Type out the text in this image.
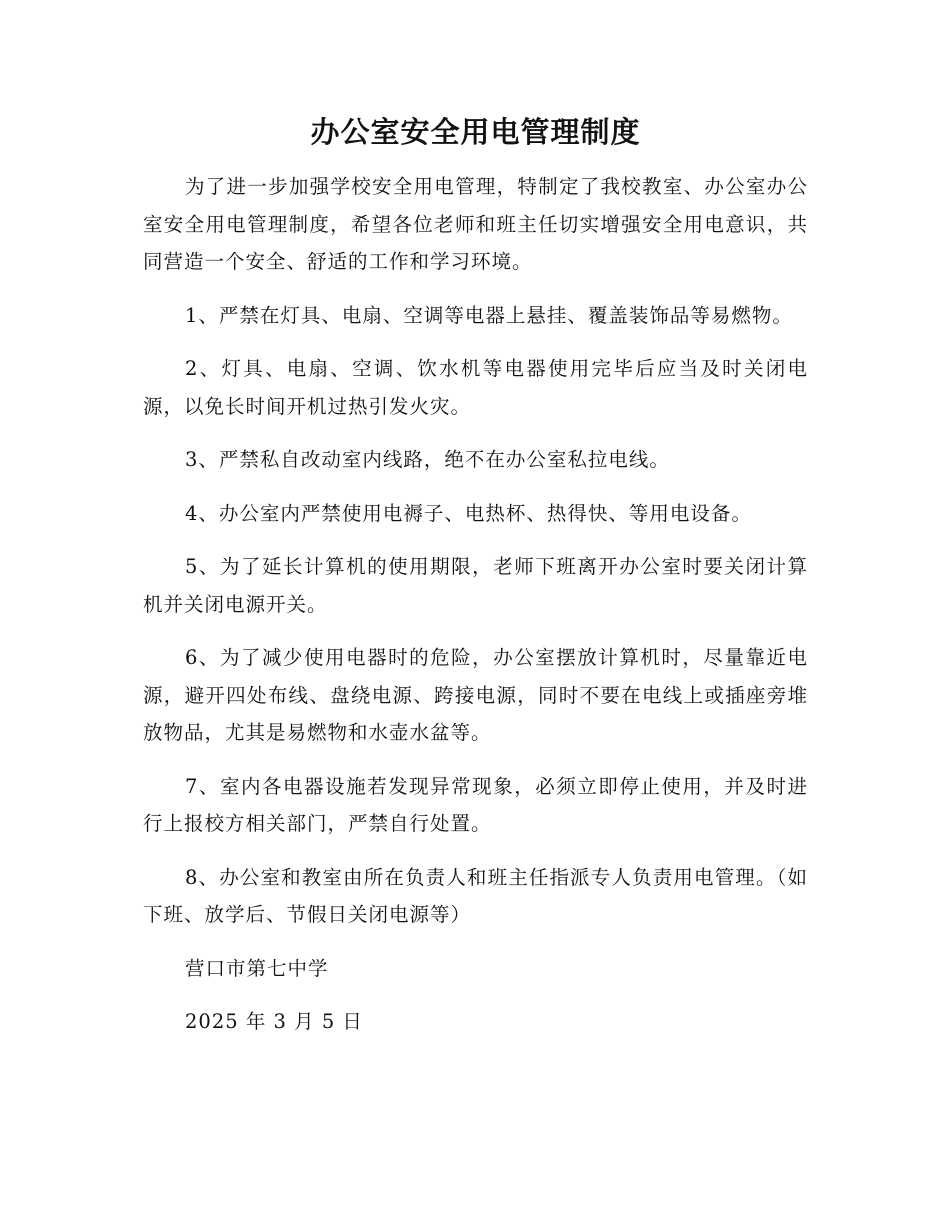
办公室安全用电管理制度

为了进一步加强学校安全用电管理，特制定了我校教室、办公室办公室安全用电管理制度，希望各位老师和班主任切实增强安全用电意识，共同营造一个安全、舒适的工作和学习环境。

1、严禁在灯具、电扇、空调等电器上悬挂、覆盖装饰品等易燃物。

2、灯具、电扇、空调、饮水机等电器使用完毕后应当及时关闭电源，以免长时间开机过热引发火灾。

3、严禁私自改动室内线路，绝不在办公室私拉电线。

4、办公室内严禁使用电褥子、电热杯、热得快、等用电设备。

5、为了延长计算机的使用期限，老师下班离开办公室时要关闭计算机并关闭电源开关。

6、为了减少使用电器时的危险，办公室摆放计算机时，尽量靠近电源，避开四处布线、盘绕电源、跨接电源，同时不要在电线上或插座旁堆放物品，尤其是易燃物和水壶水盆等。

7、室内各电器设施若发现异常现象，必须立即停止使用，并及时进行上报校方相关部门，严禁自行处置。

8、办公室和教室由所在负责人和班主任指派专人负责用电管理。（如下班、放学后、节假日关闭电源等）

营口市第七中学

2025 年 3 月 5 日
